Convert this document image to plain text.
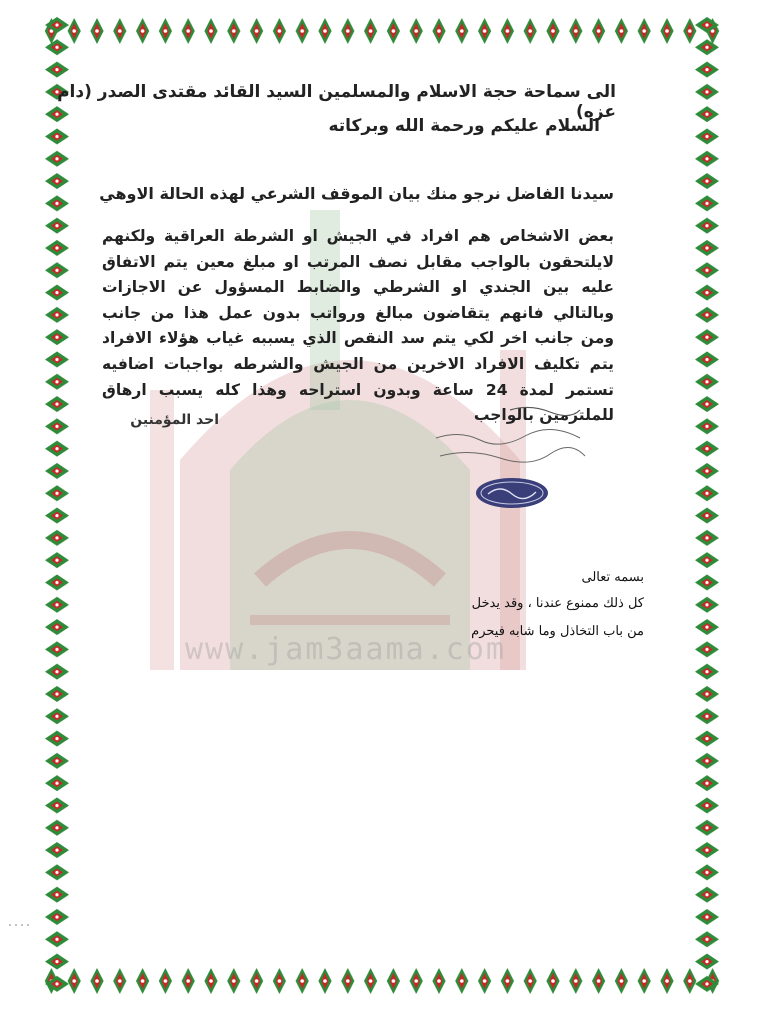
www.jam3aama.com
الى سماحة حجة الاسلام والمسلمين السيد القائد مقتدى الصدر (دام عزه)
السلام عليكم ورحمة الله وبركاته
سيدنا الفاضل نرجو منك بيان الموقف الشرعي لهذه الحالة الاوهي
بعض الاشخاص هم افراد في الجيش او الشرطة العراقية ولكنهم لايلتحقون بالواجب مقابل نصف المرتب او مبلغ معين يتم الاتفاق عليه بين الجندي او الشرطي والضابط المسؤول عن الاجازات وبالتالي فانهم يتقاضون مبالغ ورواتب بدون عمل هذا من جانب ومن جانب اخر لكي يتم سد النقص الذي يسببه غياب هؤلاء الافراد يتم تكليف الافراد الاخرين من الجيش والشرطه بواجبات اضافيه تستمر لمدة 24 ساعة وبدون استراحه وهذا كله يسبب ارهاق للملتزمين بالواجب
احد المؤمنين
بسمه تعالى
كل ذلك ممنوع عندنا ، وقد يدخل
من باب التخاذل وما شابه فيحرم
